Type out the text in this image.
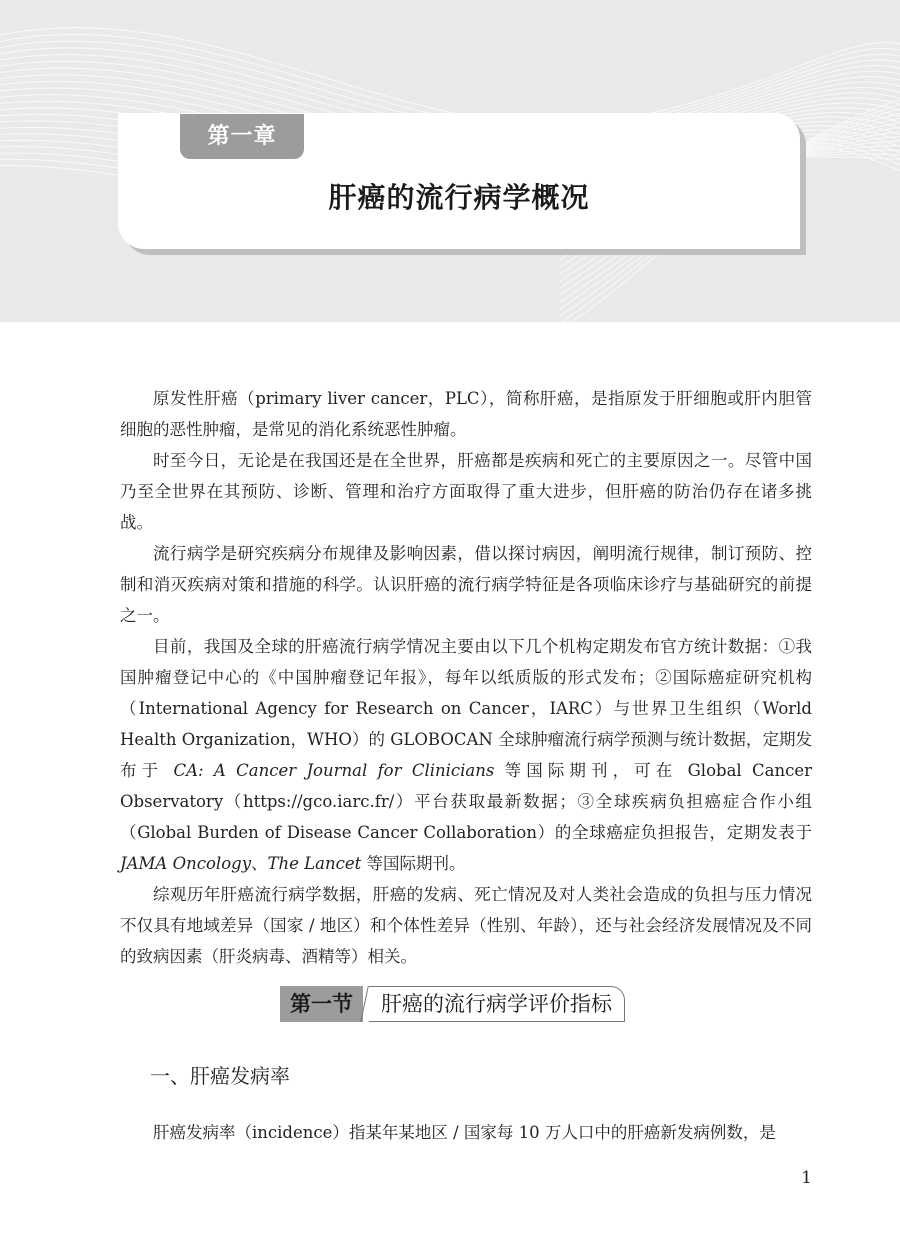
第一章
肝癌的流行病学概况

原发性肝癌（primary liver cancer，PLC），简称肝癌，是指原发于肝细胞或肝内胆管细胞的恶性肿瘤，是常见的消化系统恶性肿瘤。

时至今日，无论是在我国还是在全世界，肝癌都是疾病和死亡的主要原因之一。尽管中国乃至全世界在其预防、诊断、管理和治疗方面取得了重大进步，但肝癌的防治仍存在诸多挑战。

流行病学是研究疾病分布规律及影响因素，借以探讨病因，阐明流行规律，制订预防、控制和消灭疾病对策和措施的科学。认识肝癌的流行病学特征是各项临床诊疗与基础研究的前提之一。

目前，我国及全球的肝癌流行病学情况主要由以下几个机构定期发布官方统计数据：①我国肿瘤登记中心的《中国肿瘤登记年报》，每年以纸质版的形式发布；②国际癌症研究机构（International Agency for Research on Cancer，IARC）与世界卫生组织（World Health Organization，WHO）的 GLOBOCAN 全球肿瘤流行病学预测与统计数据，定期发布于 CA: A Cancer Journal for Clinicians 等国际期刊，可在 Global Cancer Observatory（https://gco.iarc.fr/）平台获取最新数据；③全球疾病负担癌症合作小组（Global Burden of Disease Cancer Collaboration）的全球癌症负担报告，定期发表于 JAMA Oncology、The Lancet 等国际期刊。

综观历年肝癌流行病学数据，肝癌的发病、死亡情况及对人类社会造成的负担与压力情况不仅具有地域差异（国家 / 地区）和个体性差异（性别、年龄），还与社会经济发展情况及不同的致病因素（肝炎病毒、酒精等）相关。

第一节	肝癌的流行病学评价指标
一、肝癌发病率
肝癌发病率（incidence）指某年某地区 / 国家每 10 万人口中的肝癌新发病例数，是
1
